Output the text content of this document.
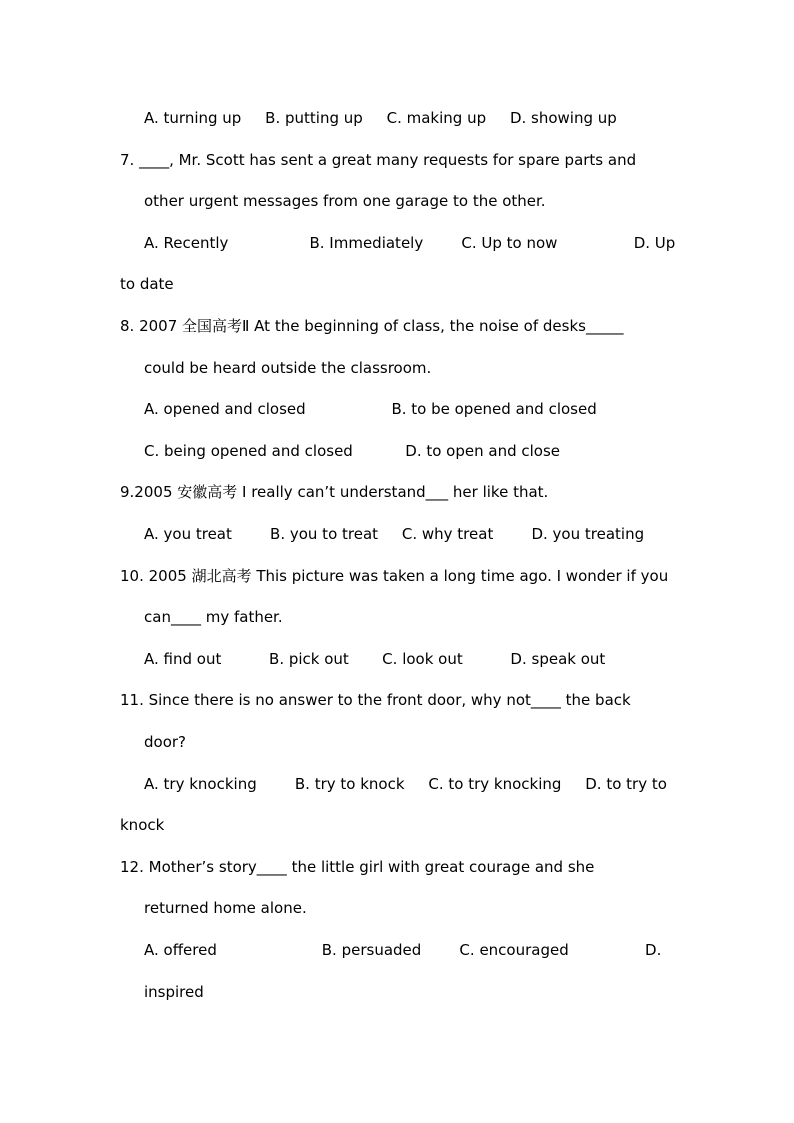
A. turning up     B. putting up     C. making up     D. showing up
7. ____, Mr. Scott has sent a great many requests for spare parts and
other urgent messages from one garage to the other.
A. Recently                 B. Immediately        C. Up to now                D. Up
to date
8. 2007 全国高考Ⅱ At the beginning of class, the noise of desks_____
could be heard outside the classroom.
A. opened and closed                  B. to be opened and closed
C. being opened and closed           D. to open and close
9.2005 安徽高考 I really can’t understand___ her like that.
A. you treat        B. you to treat     C. why treat        D. you treating
10. 2005 湖北高考 This picture was taken a long time ago. I wonder if you
can____ my father.
A. find out          B. pick out       C. look out          D. speak out
11. Since there is no answer to the front door, why not____ the back
door?
A. try knocking        B. try to knock     C. to try knocking     D. to try to
knock
12. Mother’s story____ the little girl with great courage and she
returned home alone.
A. offered                      B. persuaded        C. encouraged                D.
inspired
